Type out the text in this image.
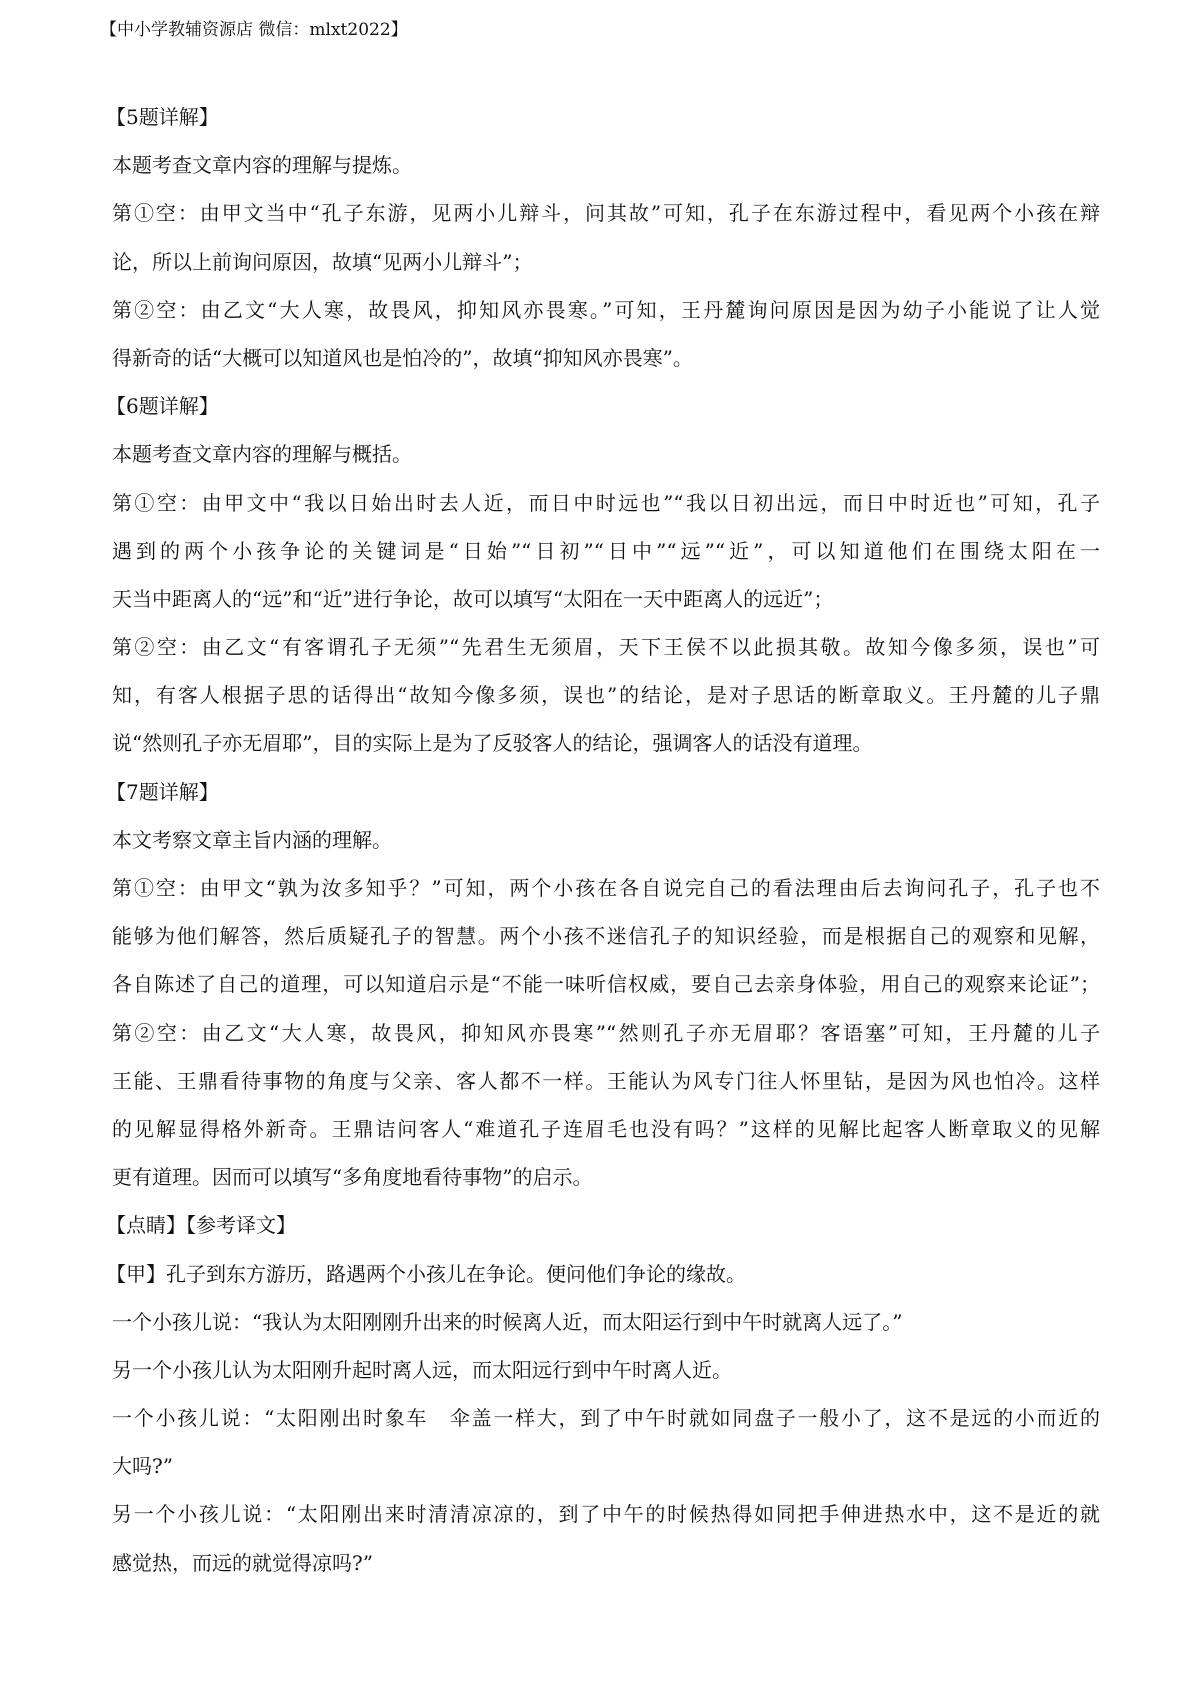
【中小学教辅资源店 微信：mlxt2022】
【5题详解】
本题考查文章内容的理解与提炼。
第①空：由甲文当中“孔子东游，见两小儿辩斗，问其故”可知，孔子在东游过程中，看见两个小孩在辩
论，所以上前询问原因，故填“见两小儿辩斗”；
第②空：由乙文“大人寒，故畏风，抑知风亦畏寒。”可知，王丹麓询问原因是因为幼子小能说了让人觉
得新奇的话“大概可以知道风也是怕冷的”，故填“抑知风亦畏寒”。
【6题详解】
本题考查文章内容的理解与概括。
第①空：由甲文中“我以日始出时去人近，而日中时远也”“我以日初出远，而日中时近也”可知，孔子
遇到的两个小孩争论的关键词是“日始”“日初”“日中”“远”“近”，可以知道他们在围绕太阳在一
天当中距离人的“远”和“近”进行争论，故可以填写“太阳在一天中距离人的远近”；
第②空：由乙文“有客谓孔子无须”“先君生无须眉，天下王侯不以此损其敬。故知今像多须，误也”可
知，有客人根据子思的话得出“故知今像多须，误也”的结论，是对子思话的断章取义。王丹麓的儿子鼎
说“然则孔子亦无眉耶”，目的实际上是为了反驳客人的结论，强调客人的话没有道理。
【7题详解】
本文考察文章主旨内涵的理解。
第①空：由甲文“孰为汝多知乎？”可知，两个小孩在各自说完自己的看法理由后去询问孔子，孔子也不
能够为他们解答，然后质疑孔子的智慧。两个小孩不迷信孔子的知识经验，而是根据自己的观察和见解，
各自陈述了自己的道理，可以知道启示是“不能一味听信权威，要自己去亲身体验，用自己的观察来论证”；
第②空：由乙文“大人寒，故畏风，抑知风亦畏寒”“然则孔子亦无眉耶？客语塞”可知，王丹麓的儿子
王能、王鼎看待事物的角度与父亲、客人都不一样。王能认为风专门往人怀里钻，是因为风也怕冷。这样
的见解显得格外新奇。王鼎诘问客人“难道孔子连眉毛也没有吗？”这样的见解比起客人断章取义的见解
更有道理。因而可以填写“多角度地看待事物”的启示。
【点睛】【参考译文】
【甲】孔子到东方游历，路遇两个小孩儿在争论。便问他们争论的缘故。
一个小孩儿说：“我认为太阳刚刚升出来的时候离人近，而太阳运行到中午时就离人远了。”
另一个小孩儿认为太阳刚升起时离人远，而太阳远行到中午时离人近。
一个小孩儿说：“太阳刚出时象车　伞盖一样大，到了中午时就如同盘子一般小了，这不是远的小而近的
大吗?”
另一个小孩儿说：“太阳刚出来时清清凉凉的，到了中午的时候热得如同把手伸进热水中，这不是近的就
感觉热，而远的就觉得凉吗?”
